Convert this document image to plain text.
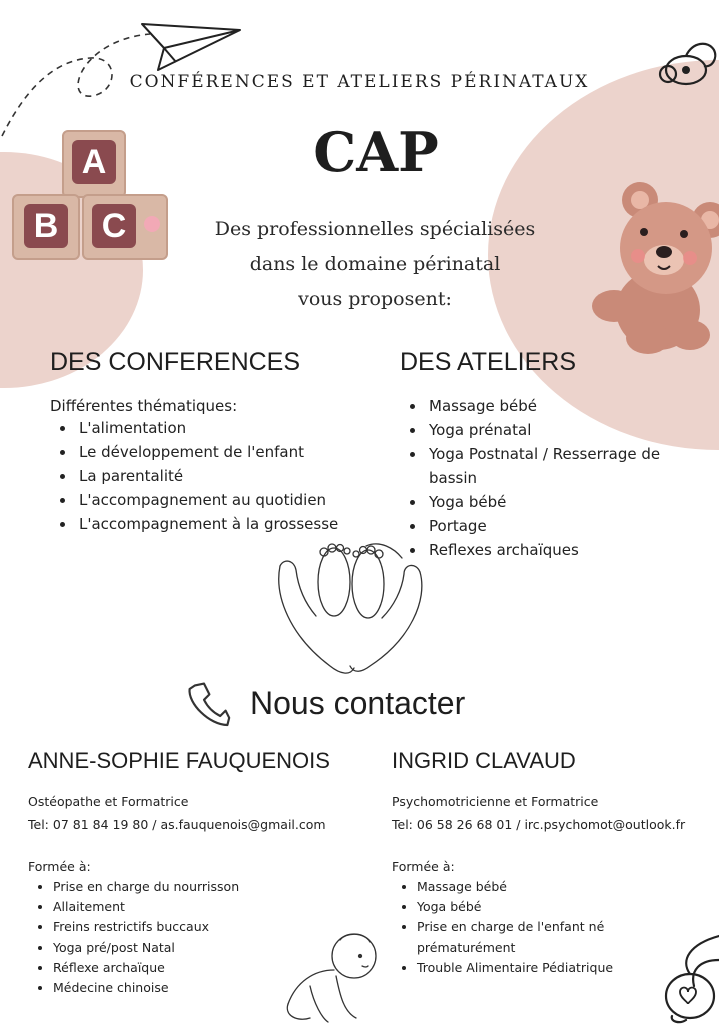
A
B C
CONFÉRENCES ET ATELIERS PÉRINATAUX
CAP
Des professionnelles spécialisées
dans le domaine périnatal
vous proposent:
DES CONFERENCES
Différentes thématiques:
L'alimentation
Le développement de l'enfant
La parentalité
L'accompagnement au quotidien
L'accompagnement à la grossesse
DES ATELIERS
Massage bébé
Yoga prénatal
Yoga Postnatal / Resserrage de bassin
Yoga bébé
Portage
Reflexes archaïques
Nous contacter
ANNE-SOPHIE FAUQUENOIS
Ostéopathe et Formatrice
Tel: 07 81 84 19 80 / as.fauquenois@gmail.com
Formée à:
Prise en charge du nourrisson
Allaitement
Freins restrictifs buccaux
Yoga pré/post Natal
Réflexe archaïque
Médecine chinoise
INGRID CLAVAUD
Psychomotricienne et Formatrice
Tel: 06 58 26 68 01 / irc.psychomot@outlook.fr
Formée à:
Massage bébé
Yoga bébé
Prise en charge de l'enfant né prématurément
Trouble Alimentaire Pédiatrique
